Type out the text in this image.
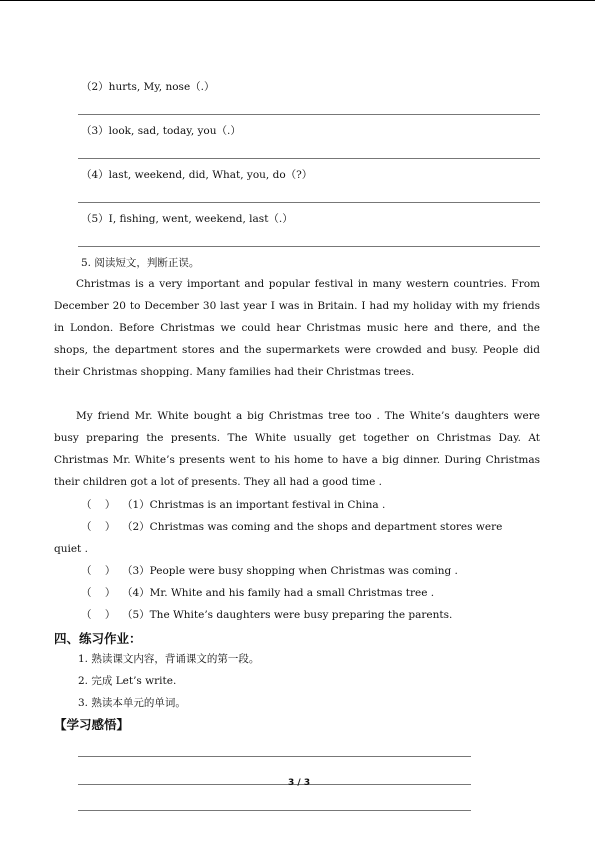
（2）hurts, My, nose（.）
（3）look, sad, today, you（.）
（4）last, weekend, did, What, you, do（?）
（5）I, fishing, went, weekend, last（.）
5. 阅读短文，判断正误。
Christmas is a very important and popular festival in many western countries. From December 20 to December 30 last year I was in Britain. I had my holiday with my friends in London. Before Christmas we could hear Christmas music here and there, and the shops, the department stores and the supermarkets were crowded and busy. People did their Christmas shopping. Many families had their Christmas trees.
My friend Mr. White bought a big Christmas tree too . The White’s daughters were busy preparing the presents. The White usually get together on Christmas Day. At Christmas Mr. White’s presents went to his home to have a big dinner. During Christmas their children got a lot of presents. They all had a good time .
（    ） （1）Christmas is an important festival in China .
（    ） （2）Christmas was coming and the shops and department stores were
quiet .
（    ） （3）People were busy shopping when Christmas was coming .
（    ） （4）Mr. White and his family had a small Christmas tree .
（    ） （5）The White’s daughters were busy preparing the parents.
四、练习作业：
1. 熟读课文内容，背诵课文的第一段。
2. 完成 Let’s write.
3. 熟读本单元的单词。
【学习感悟】
3 / 3
